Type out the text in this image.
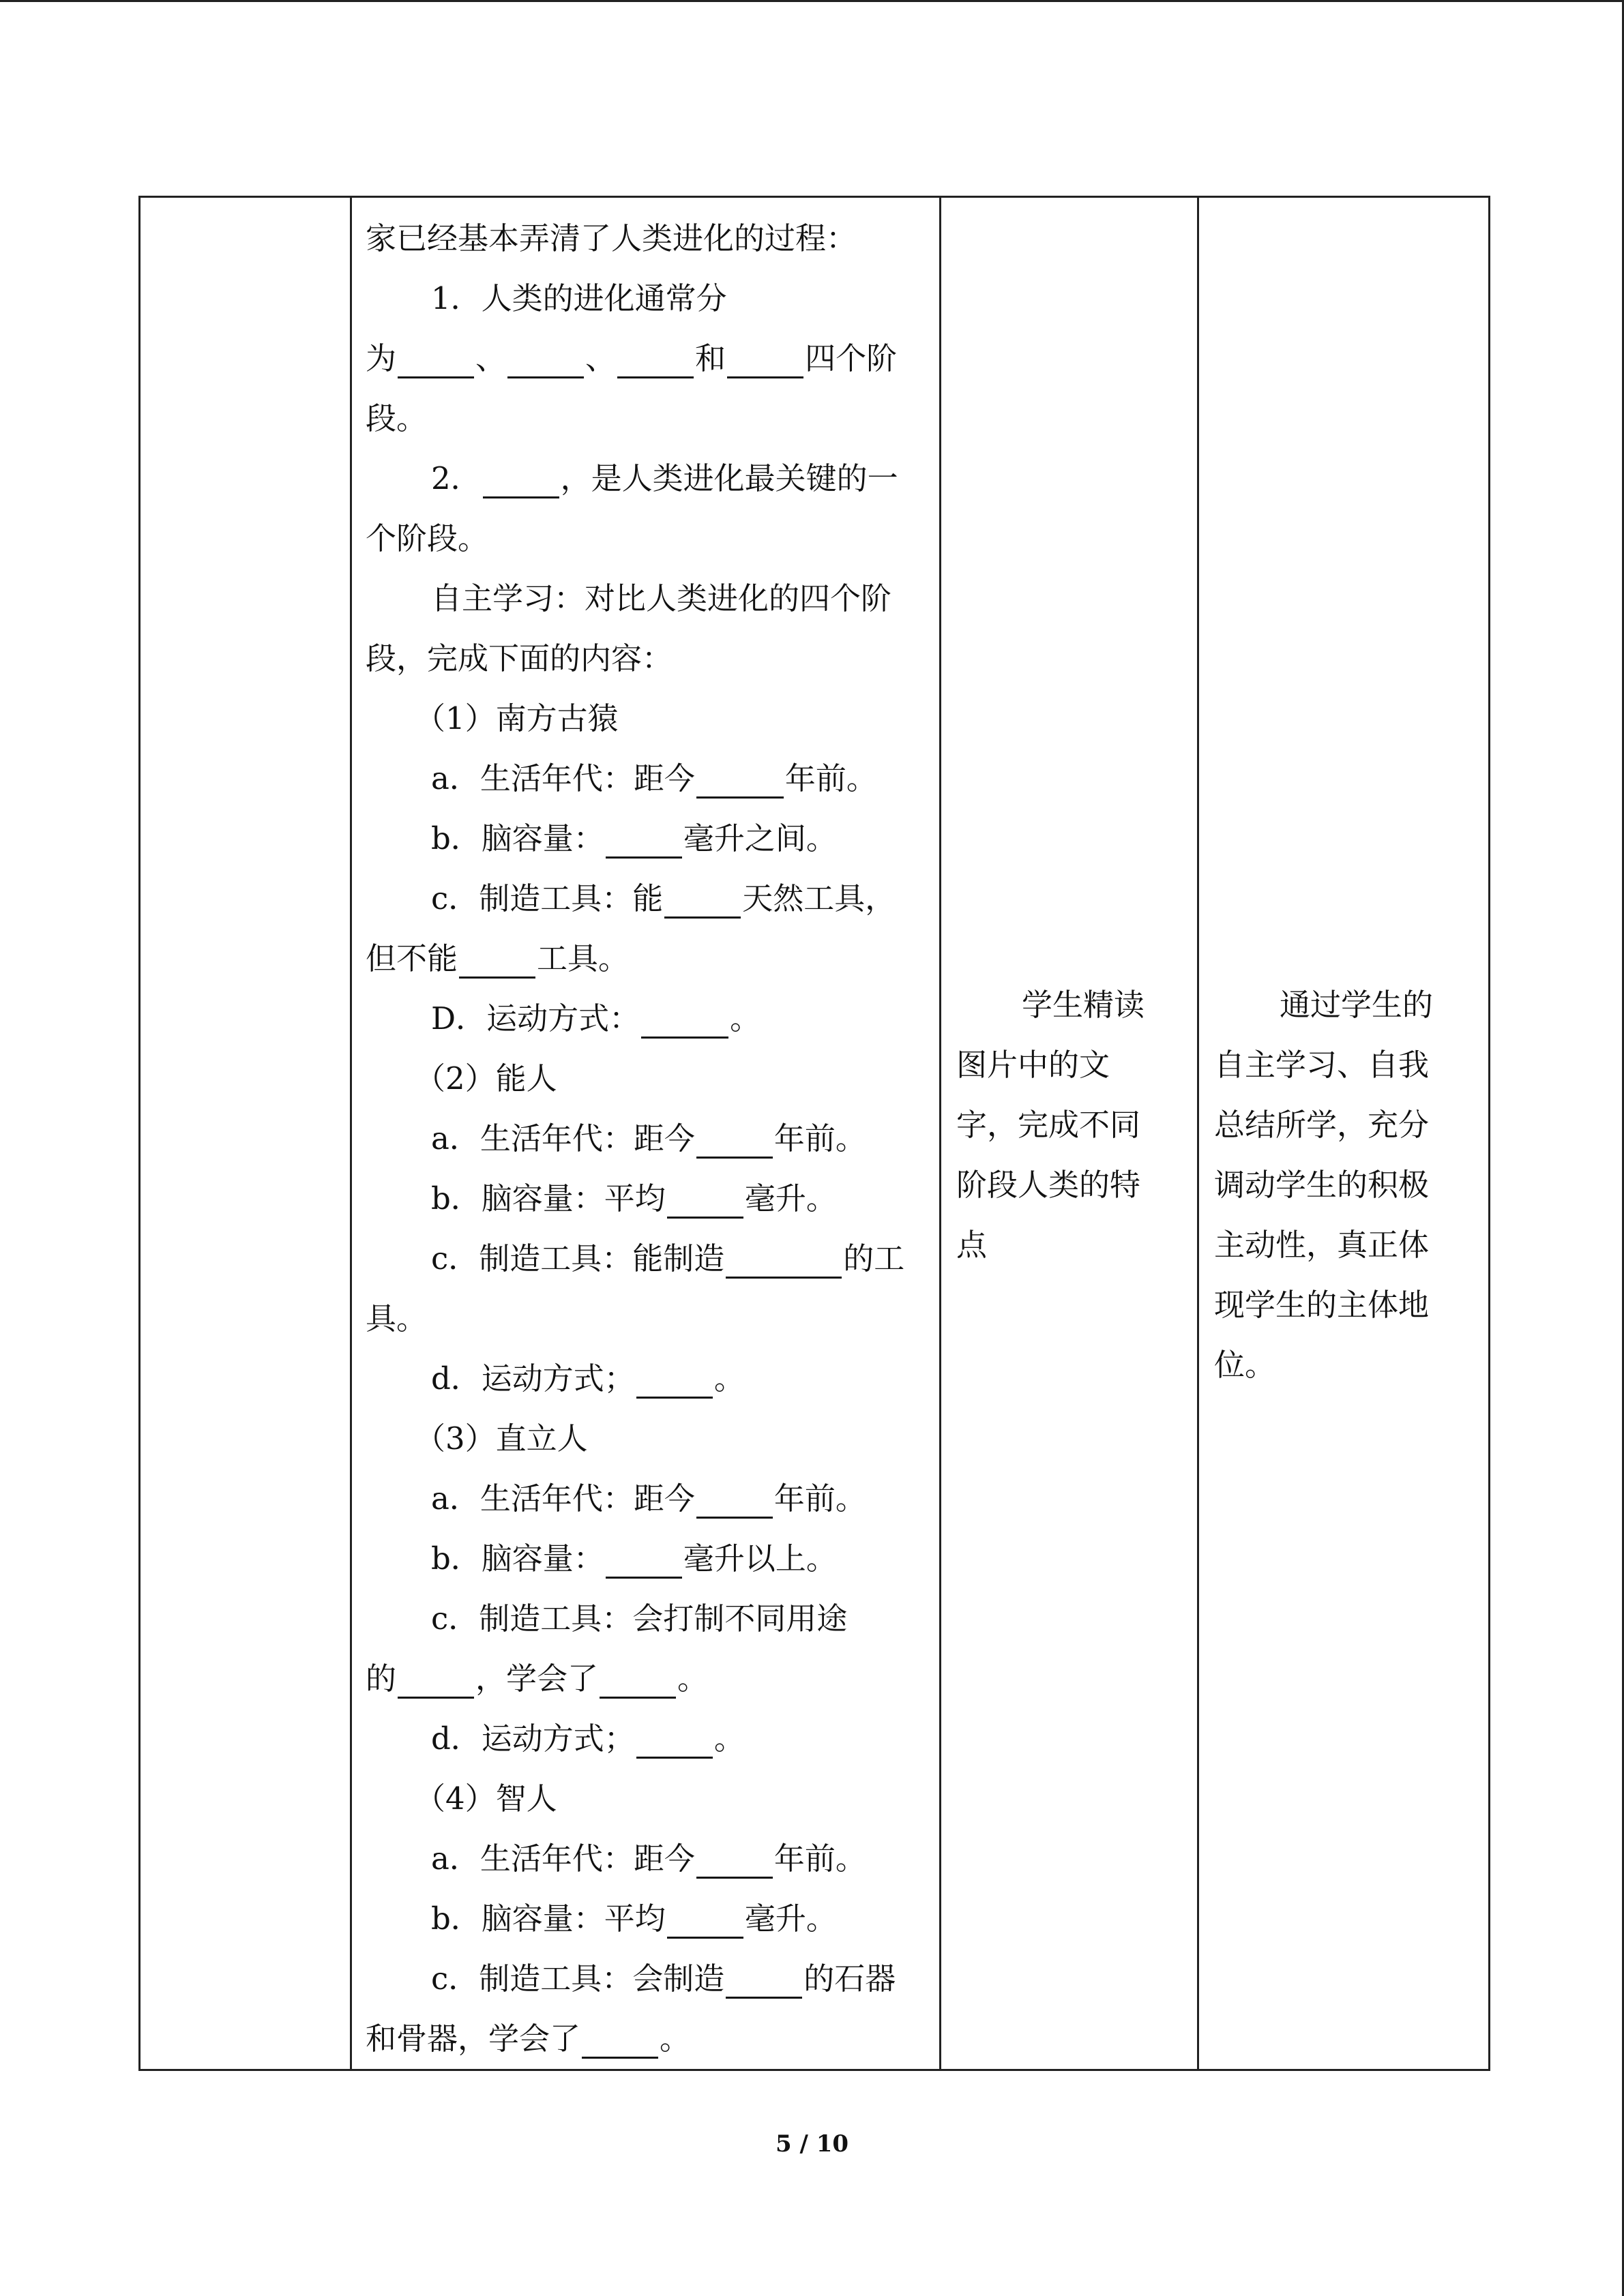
家已经基本弄清了人类进化的过程：
1．人类的进化通常分
为	、	、	和	四个阶
段。
2．	，是人类进化最关键的一
个阶段。
自主学习：对比人类进化的四个阶
段，完成下面的内容：
（1）南方古猿
a．生活年代：距今	年前。
b．脑容量：	毫升之间。
c．制造工具：能	天然工具，
但不能	工具。
D．运动方式：	。
（2）能人
a．生活年代：距今	年前。
b．脑容量：平均	毫升。
c．制造工具：能制造	的工
具。
d．运动方式；	。
（3）直立人
a．生活年代：距今	年前。
b．脑容量：	毫升以上。
c．制造工具：会打制不同用途
的	，学会了	。
d．运动方式；	。
（4）智人
a．生活年代：距今	年前。
b．脑容量：平均	毫升。
c．制造工具：会制造	的石器
和骨器，学会了	。

学生精读
图片中的文
字，完成不同
阶段人类的特
点

通过学生的
自主学习、自我
总结所学，充分
调动学生的积极
主动性，真正体
现学生的主体地
位。
5 / 10
